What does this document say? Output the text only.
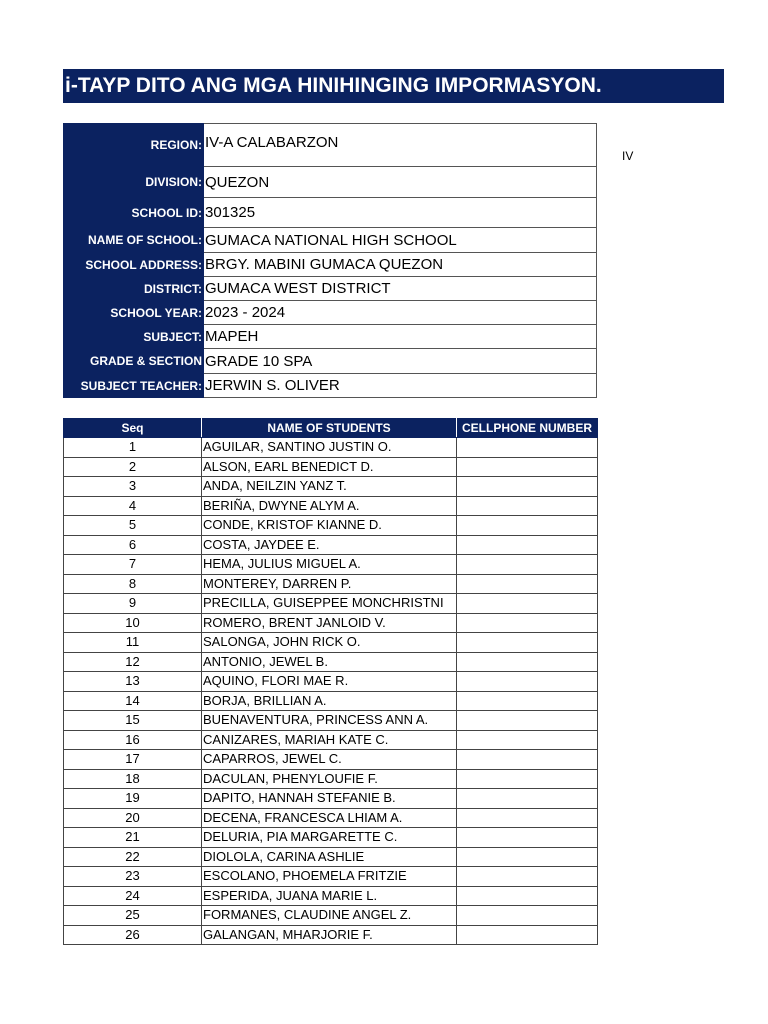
i-TAYP DITO ANG MGA HINIHINGING IMPORMASYON.
IV
REGION:	IV-A CALABARZON
DIVISION:	QUEZON
SCHOOL ID:	301325
NAME OF SCHOOL:	GUMACA NATIONAL HIGH SCHOOL
SCHOOL ADDRESS:	BRGY. MABINI GUMACA QUEZON
DISTRICT:	GUMACA WEST DISTRICT
SCHOOL YEAR:	2023 - 2024
SUBJECT:	MAPEH
GRADE & SECTION	GRADE 10 SPA
SUBJECT TEACHER:	JERWIN S. OLIVER
Seq	NAME OF STUDENTS	CELLPHONE NUMBER
1	AGUILAR, SANTINO JUSTIN O.	
2	ALSON, EARL BENEDICT D.	
3	ANDA, NEILZIN YANZ T.	
4	BERIÑA, DWYNE ALYM A.	
5	CONDE, KRISTOF KIANNE D.	
6	COSTA, JAYDEE E.	
7	HEMA, JULIUS MIGUEL A.	
8	MONTEREY, DARREN P.	
9	PRECILLA, GUISEPPEE MONCHRISTNI	
10	ROMERO, BRENT JANLOID V.	
11	SALONGA, JOHN RICK O.	
12	ANTONIO, JEWEL B.	
13	AQUINO, FLORI MAE R.	
14	BORJA, BRILLIAN A.	
15	BUENAVENTURA, PRINCESS ANN A.	
16	CANIZARES, MARIAH KATE C.	
17	CAPARROS, JEWEL C.	
18	DACULAN, PHENYLOUFIE F.	
19	DAPITO, HANNAH STEFANIE B.	
20	DECENA, FRANCESCA LHIAM A.	
21	DELURIA, PIA MARGARETTE C.	
22	DIOLOLA, CARINA ASHLIE	
23	ESCOLANO, PHOEMELA FRITZIE	
24	ESPERIDA, JUANA MARIE L.	
25	FORMANES, CLAUDINE ANGEL Z.	
26	GALANGAN, MHARJORIE F.	
